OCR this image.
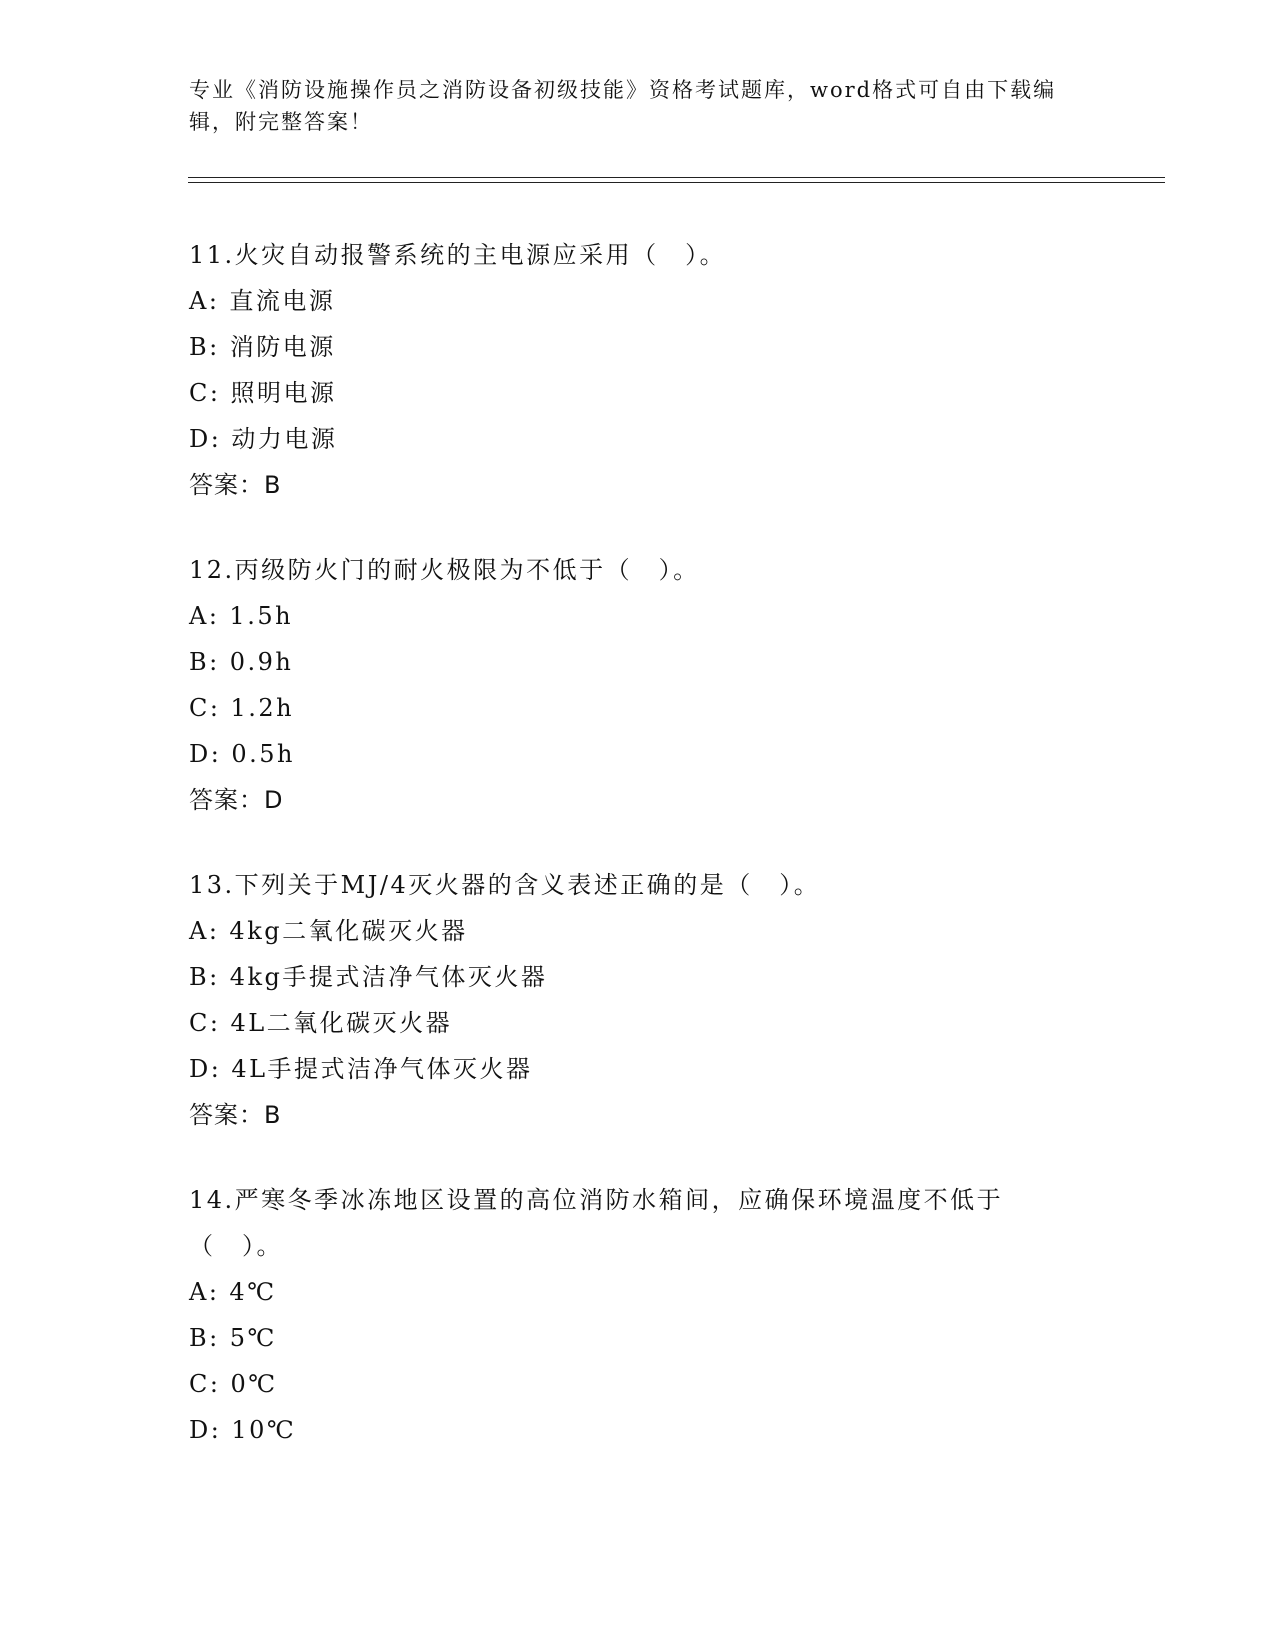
专业《消防设施操作员之消防设备初级技能》资格考试题库，word格式可自由下载编辑，附完整答案！
11.火灾自动报警系统的主电源应采用（　）。
A: 直流电源
B: 消防电源
C: 照明电源
D: 动力电源
答案：B
12.丙级防火门的耐火极限为不低于（　）。
A: 1.5h
B: 0.9h
C: 1.2h
D: 0.5h
答案：D
13.下列关于MJ/4灭火器的含义表述正确的是（　）。
A: 4kg二氧化碳灭火器
B: 4kg手提式洁净气体灭火器
C: 4L二氧化碳灭火器
D: 4L手提式洁净气体灭火器
答案：B
14.严寒冬季冰冻地区设置的高位消防水箱间，应确保环境温度不低于（　）。
A: 4℃
B: 5℃
C: 0℃
D: 10℃
